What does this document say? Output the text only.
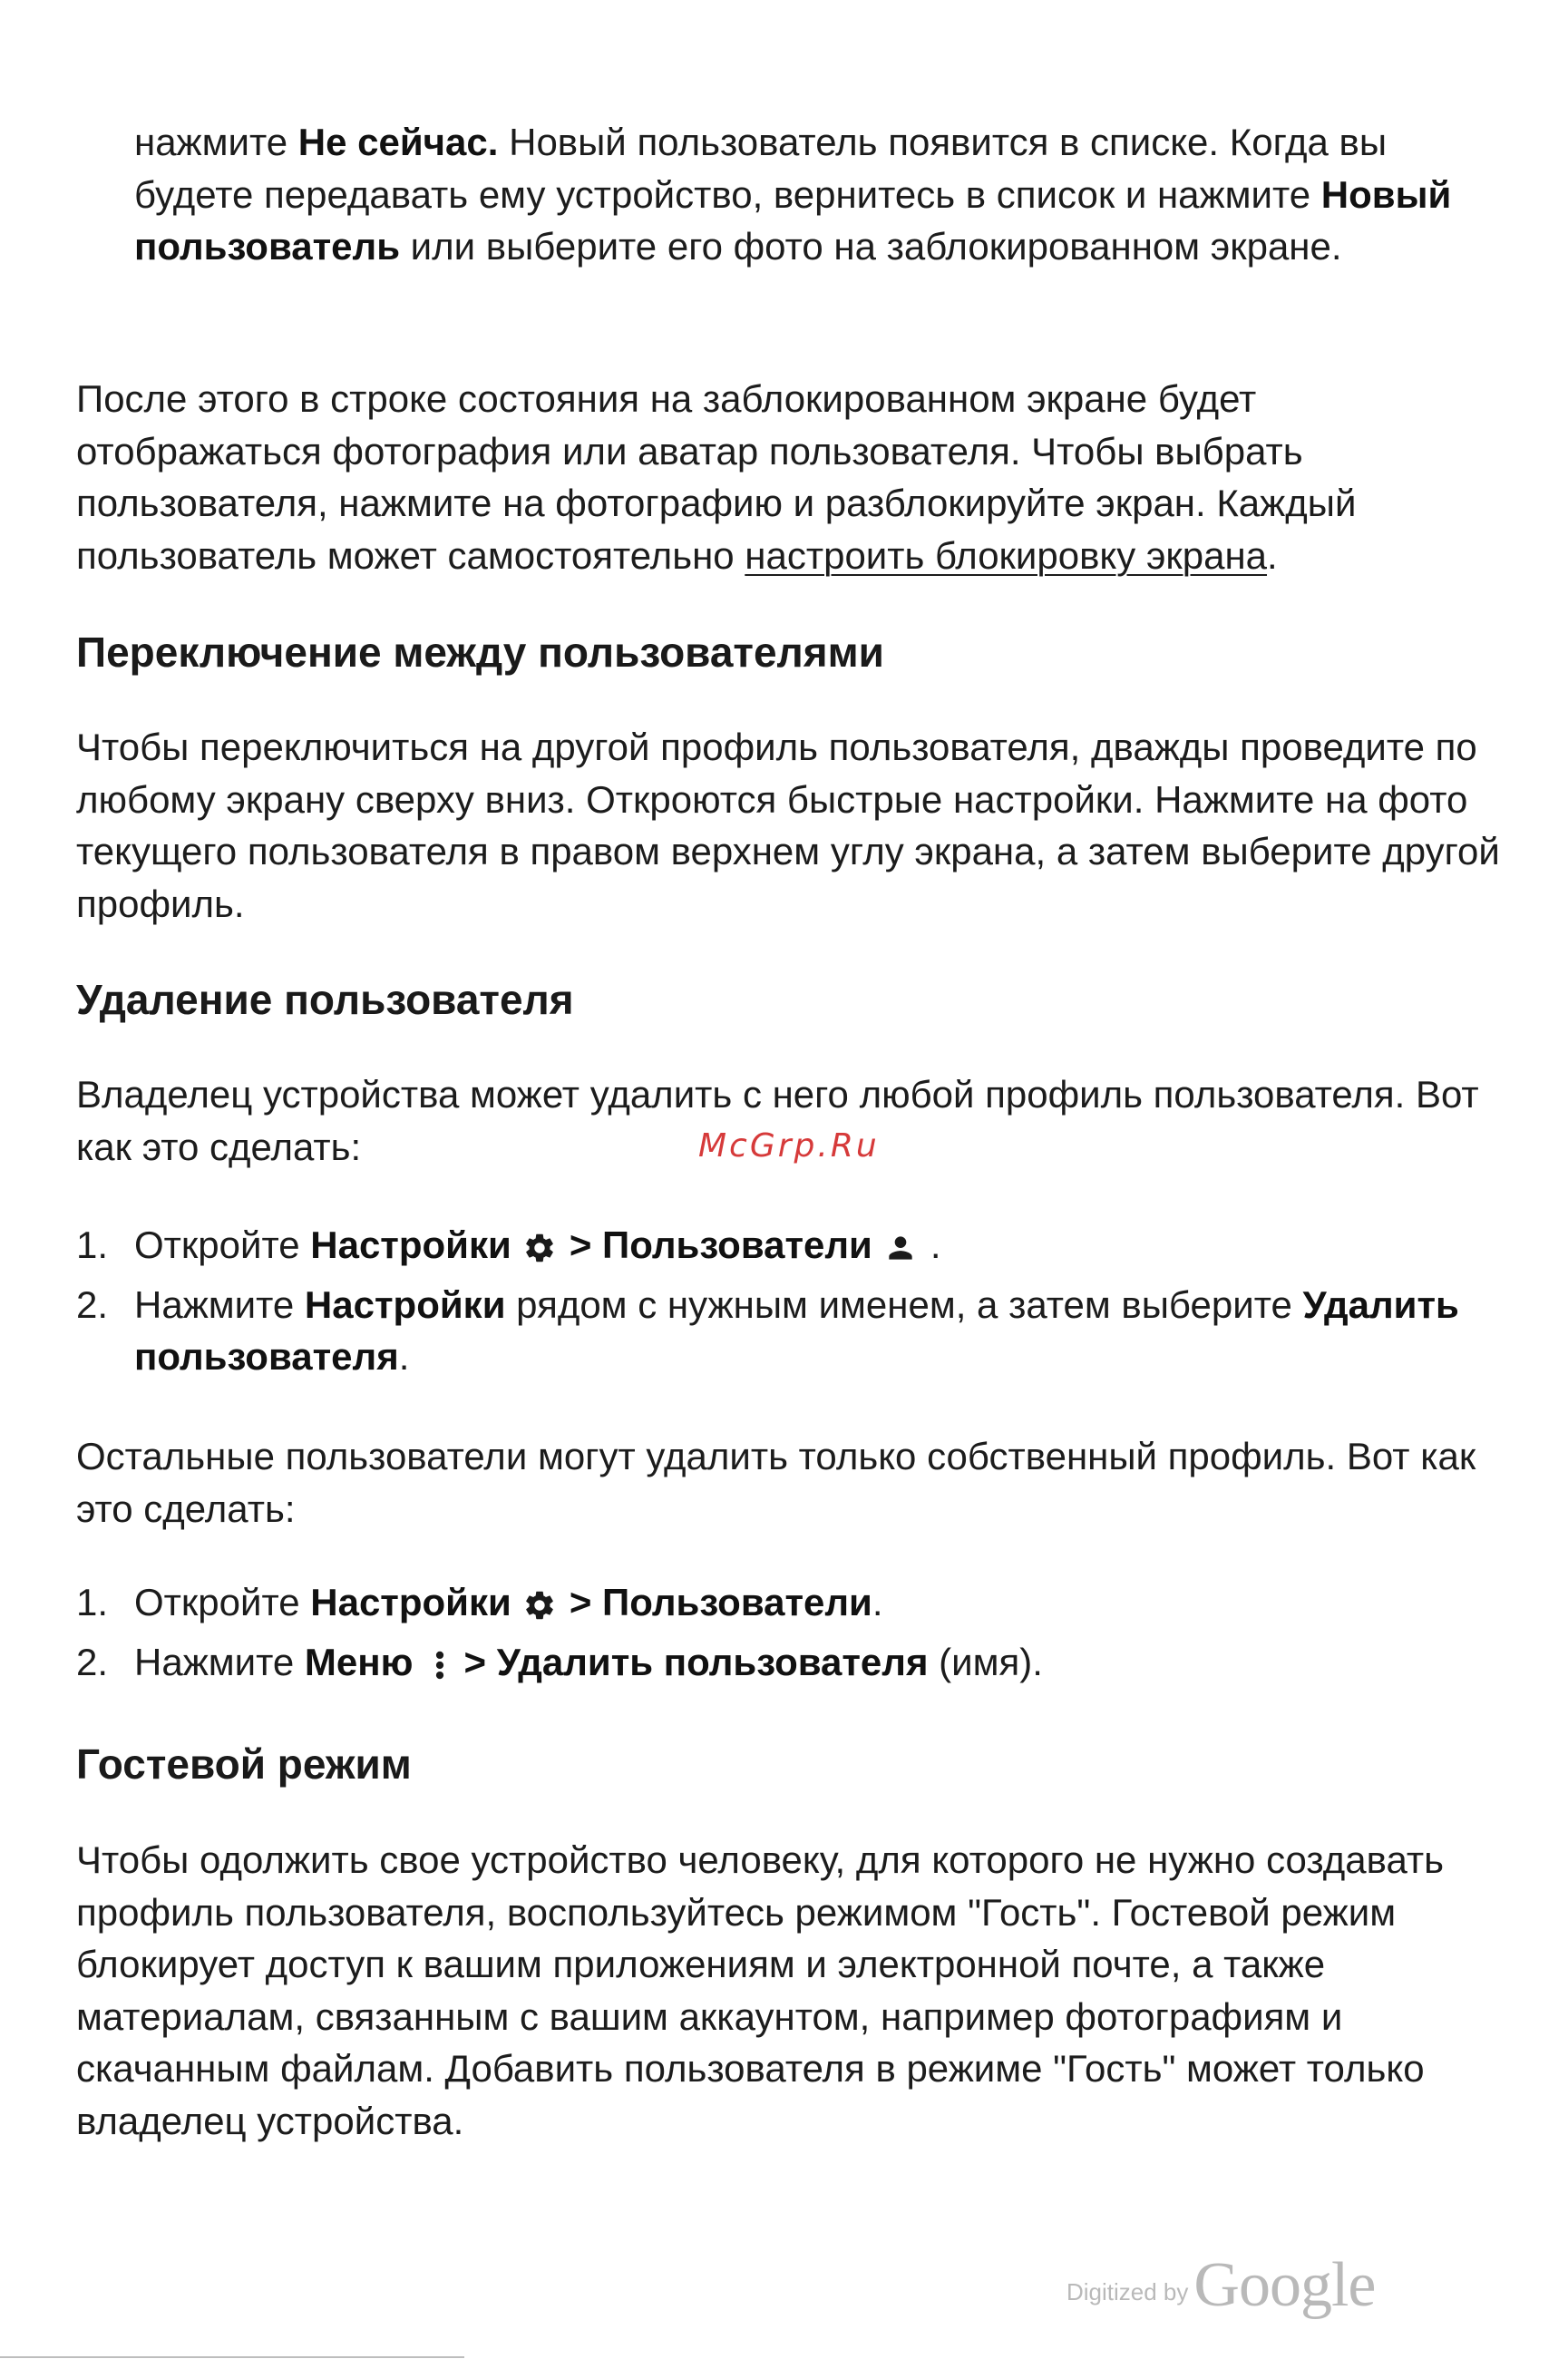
нажмите Не сейчас. Новый пользователь появится в списке. Когда вы будете передавать ему устройство, вернитесь в список и нажмите Новый пользователь или выберите его фото на заблокированном экране.

После этого в строке состояния на заблокированном экране будет отображаться фотография или аватар пользователя. Чтобы выбрать пользователя, нажмите на фотографию и разблокируйте экран. Каждый пользователь может самостоятельно настроить блокировку экрана.

Переключение между пользователями

Чтобы переключиться на другой профиль пользователя, дважды проведите по любому экрану сверху вниз. Откроются быстрые настройки. Нажмите на фото текущего пользователя в правом верхнем углу экрана, а затем выберите другой профиль.

Удаление пользователя

Владелец устройства может удалить с него любой профиль пользователя. Вот как это сделать:

1. Откройте Настройки > Пользователи .
2. Нажмите Настройки рядом с нужным именем, а затем выберите Удалить пользователя.

Остальные пользователи могут удалить только собственный профиль. Вот как это сделать:

1. Откройте Настройки > Пользователи.
2. Нажмите Меню > Удалить пользователя (имя).
Гостевой режим

Чтобы одолжить свое устройство человеку, для которого не нужно создавать профиль пользователя, воспользуйтесь режимом "Гость". Гостевой режим блокирует доступ к вашим приложениям и электронной почте, а также материалам, связанным с вашим аккаунтом, например фотографиям и скачанным файлам. Добавить пользователя в режиме "Гость" может только владелец устройства.

McGrp.Ru
Digitized byGoogle
